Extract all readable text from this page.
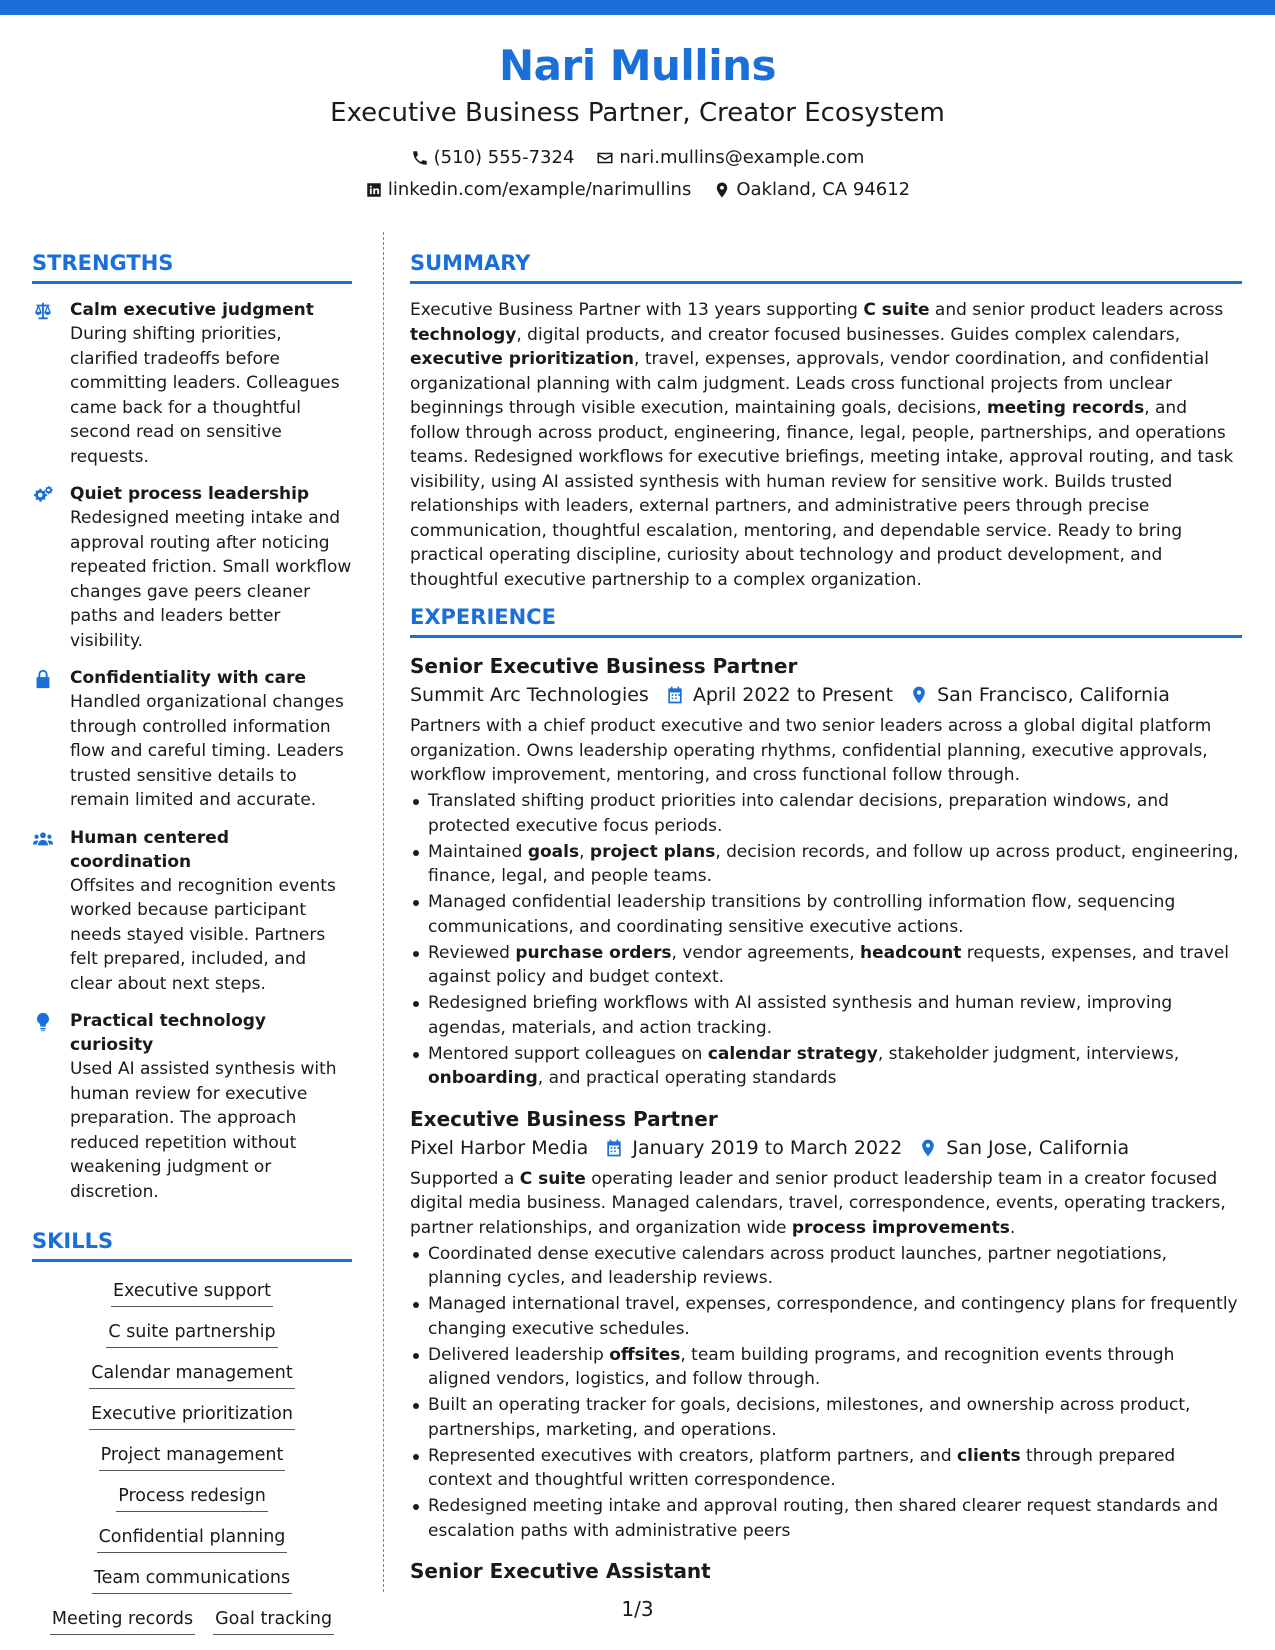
Nari Mullins
Executive Business Partner, Creator Ecosystem
(510) 555-7324	nari.mullins@example.com
linkedin.com/example/narimullins	Oakland, CA 94612
STRENGTHS
Calm executive judgment
During shifting priorities, clarified tradeoffs before committing leaders. Colleagues came back for a thoughtful second read on sensitive requests.
Quiet process leadership
Redesigned meeting intake and approval routing after noticing repeated friction. Small workflow changes gave peers cleaner paths and leaders better visibility.
Confidentiality with care
Handled organizational changes through controlled information flow and careful timing. Leaders trusted sensitive details to remain limited and accurate.
Human centered coordination
Offsites and recognition events worked because participant needs stayed visible. Partners felt prepared, included, and clear about next steps.
Practical technology curiosity
Used AI assisted synthesis with human review for executive preparation. The approach reduced repetition without weakening judgment or discretion.
SKILLS
Executive support
C suite partnership
Calendar management
Executive prioritization
Project management
Process redesign
Confidential planning
Team communications
Meeting records Goal tracking
SUMMARY

Executive Business Partner with 13 years supporting C suite and senior product leaders across technology, digital products, and creator focused businesses. Guides complex calendars, executive prioritization, travel, expenses, approvals, vendor coordination, and confidential organizational planning with calm judgment. Leads cross functional projects from unclear beginnings through visible execution, maintaining goals, decisions, meeting records, and follow through across product, engineering, finance, legal, people, partnerships, and operations teams. Redesigned workflows for executive briefings, meeting intake, approval routing, and task visibility, using AI assisted synthesis with human review for sensitive work. Builds trusted relationships with leaders, external partners, and administrative peers through precise communication, thoughtful escalation, mentoring, and dependable service. Ready to bring practical operating discipline, curiosity about technology and product development, and thoughtful executive partnership to a complex organization.

EXPERIENCE
Senior Executive Business Partner
Summit Arc Technologies April 2022 to Present San Francisco, California

Partners with a chief product executive and two senior leaders across a global digital platform organization. Owns leadership operating rhythms, confidential planning, executive approvals, workflow improvement, mentoring, and cross functional follow through.

Translated shifting product priorities into calendar decisions, preparation windows, and protected executive focus periods.
Maintained goals, project plans, decision records, and follow up across product, engineering, finance, legal, and people teams.
Managed confidential leadership transitions by controlling information flow, sequencing communications, and coordinating sensitive executive actions.
Reviewed purchase orders, vendor agreements, headcount requests, expenses, and travel against policy and budget context.
Redesigned briefing workflows with AI assisted synthesis and human review, improving agendas, materials, and action tracking.
Mentored support colleagues on calendar strategy, stakeholder judgment, interviews, onboarding, and practical operating standards
Executive Business Partner
Pixel Harbor Media January 2019 to March 2022 San Jose, California

Supported a C suite operating leader and senior product leadership team in a creator focused digital media business. Managed calendars, travel, correspondence, events, operating trackers, partner relationships, and organization wide process improvements.

Coordinated dense executive calendars across product launches, partner negotiations, planning cycles, and leadership reviews.
Managed international travel, expenses, correspondence, and contingency plans for frequently changing executive schedules.
Delivered leadership offsites, team building programs, and recognition events through aligned vendors, logistics, and follow through.
Built an operating tracker for goals, decisions, milestones, and ownership across product, partnerships, marketing, and operations.
Represented executives with creators, platform partners, and clients through prepared context and thoughtful written correspondence.
Redesigned meeting intake and approval routing, then shared clearer request standards and escalation paths with administrative peers
Senior Executive Assistant
1/3
